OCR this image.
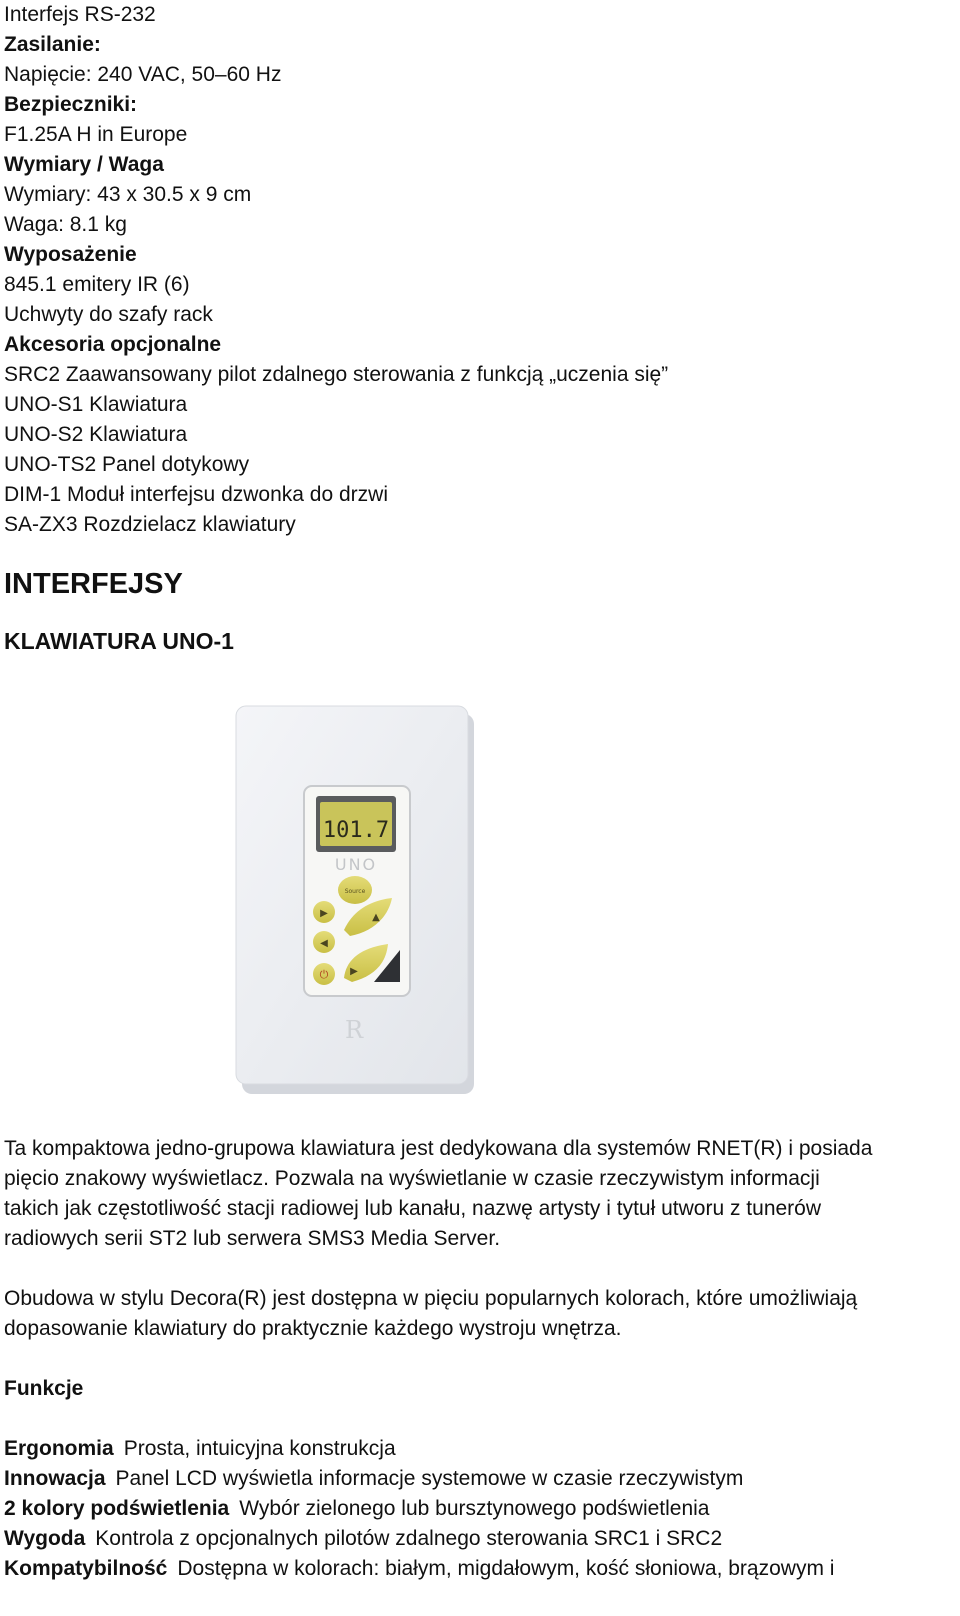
Interfejs RS-232
Zasilanie:
Napięcie: 240 VAC, 50–60 Hz
Bezpieczniki:
F1.25A H in Europe
Wymiary / Waga
Wymiary: 43 x 30.5 x 9 cm
Waga: 8.1 kg
Wyposażenie
845.1 emitery IR (6)
Uchwyty do szafy rack
Akcesoria opcjonalne
SRC2 Zaawansowany pilot zdalnego sterowania z funkcją „uczenia się”
UNO-S1 Klawiatura
UNO-S2 Klawiatura
UNO-TS2 Panel dotykowy
DIM-1 Moduł interfejsu dzwonka do drzwi
SA-ZX3 Rozdzielacz klawiatury
INTERFEJSY
KLAWIATURA UNO-1
101.7
UNO
Source
▶
◀
⏻
▲
▶
R
Ta kompaktowa jedno-grupowa klawiatura jest dedykowana dla systemów RNET(R) i posiada
pięcio znakowy wyświetlacz. Pozwala na wyświetlanie w czasie rzeczywistym informacji
takich jak częstotliwość stacji radiowej lub kanału, nazwę artysty i tytuł utworu z tunerów
radiowych serii ST2 lub serwera SMS3 Media Server.
Obudowa w stylu Decora(R) jest dostępna w pięciu popularnych kolorach, które umożliwiają
dopasowanie klawiatury do praktycznie każdego wystroju wnętrza.
Funkcje
Ergonomia Prosta, intuicyjna konstrukcja
Innowacja Panel LCD wyświetla informacje systemowe w czasie rzeczywistym
2 kolory podświetlenia Wybór zielonego lub bursztynowego podświetlenia
Wygoda Kontrola z opcjonalnych pilotów zdalnego sterowania SRC1 i SRC2
Kompatybilność Dostępna w kolorach: białym, migdałowym, kość słoniowa, brązowym i
